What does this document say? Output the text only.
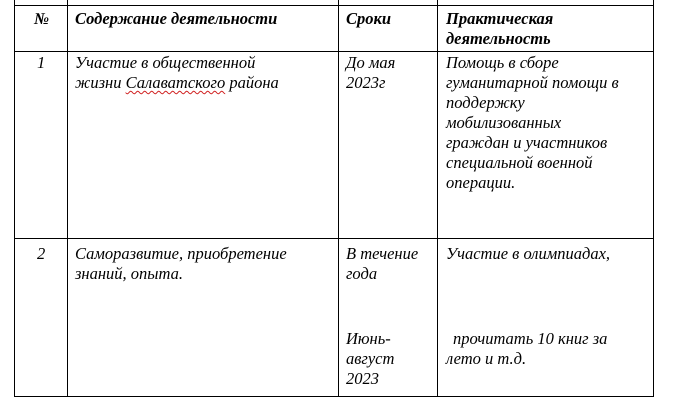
№ Содержание деятельности	Сроки	Практическая
деятельность
1 Участие в общественной
жизни Салаватского района
До мая
2023г
Помощь в сборе
гуманитарной помощи в
поддержку
мобилизованных
граждан и участников
специальной военной
операции.
2 Саморазвитие, приобретение
знаний, опыта.
В течение
года
Июнь-
август
2023
Участие в олимпиадах,
прочитать 10 книг за
лето и т.д.
